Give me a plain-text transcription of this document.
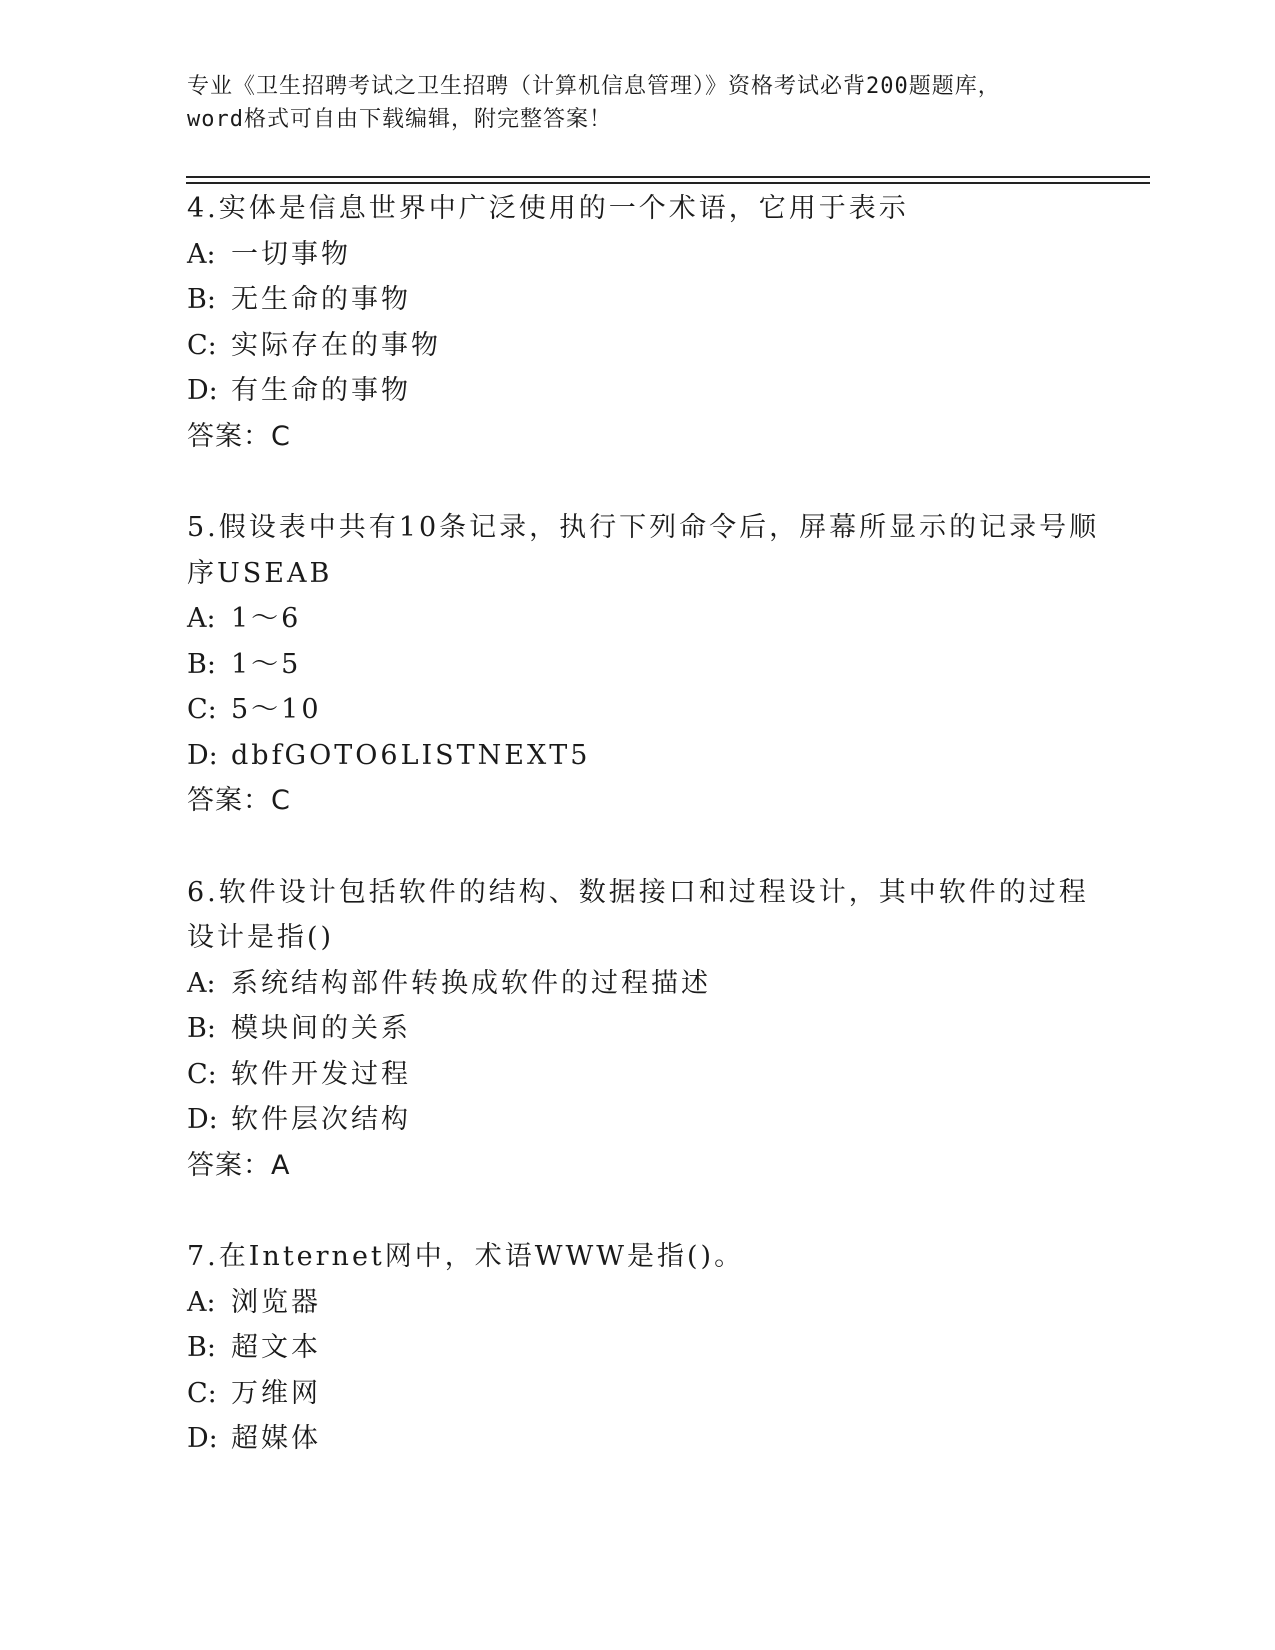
专业《卫生招聘考试之卫生招聘（计算机信息管理）》资格考试必背200题题库，
word格式可自由下载编辑，附完整答案！
4.实体是信息世界中广泛使用的一个术语，它用于表示
A: 一切事物
B: 无生命的事物
C: 实际存在的事物
D: 有生命的事物
答案：C
5.假设表中共有10条记录，执行下列命令后，屏幕所显示的记录号顺
序USEAB
A: 1～6
B: 1～5
C: 5～10
D: dbfGOTO6LISTNEXT5
答案：C
6.软件设计包括软件的结构、数据接口和过程设计，其中软件的过程
设计是指()
A: 系统结构部件转换成软件的过程描述
B: 模块间的关系
C: 软件开发过程
D: 软件层次结构
答案：A
7.在Internet网中，术语WWW是指()。
A: 浏览器
B: 超文本
C: 万维网
D: 超媒体
